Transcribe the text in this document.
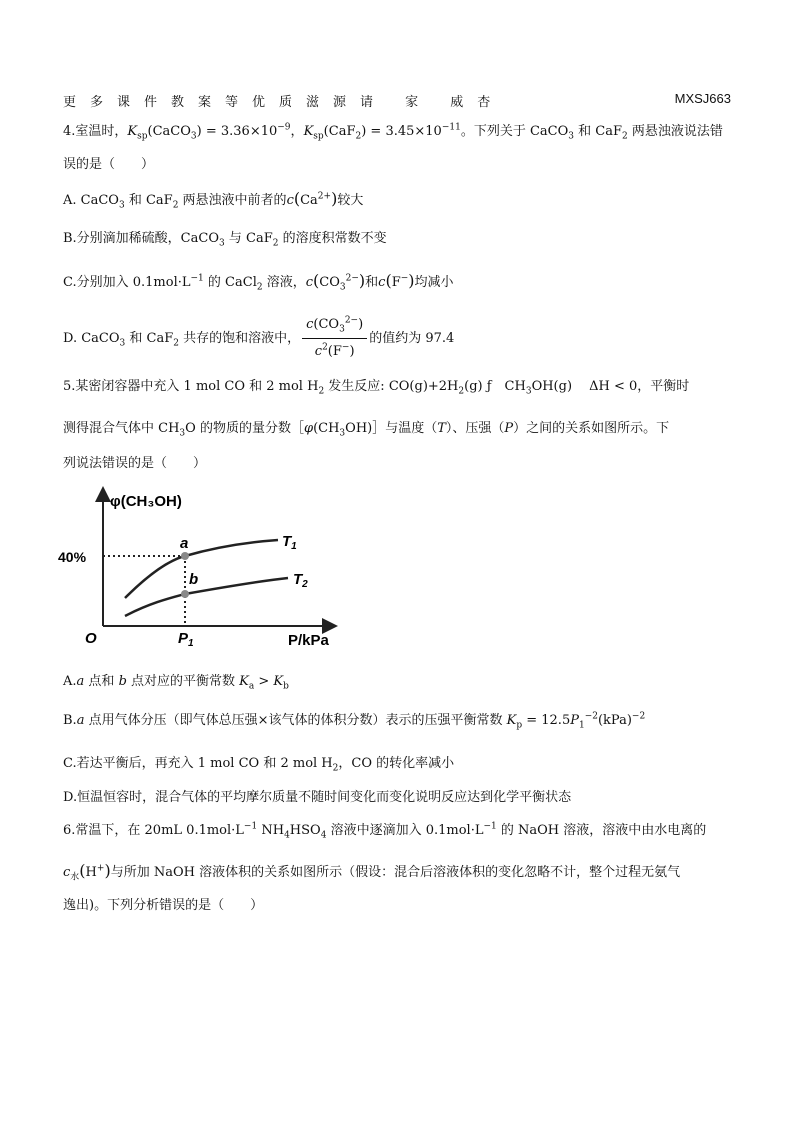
更多课件教案等优质滋源请 家 威杏	MXSJ663
4.室温时，$K_{sp}(CaCO_3) = 3.36\times 10^{-9}$，$K_{sp}(CaF_2) = 3.45\times 10^{-11}$。下列关于 CaCO$_3$ 和 CaF$_2$ 两悬浊液说法错
误的是（　　）
A. CaCO$_3$ 和 CaF$_2$ 两悬浊液中前者的$c(Ca^{2+})$较大
B.分别滴加稀硫酸，CaCO$_3$ 与 CaF$_2$ 的溶度积常数不变
C.分别加入 $0.1mol\cdot L^{-1}$ 的 CaCl$_2$ 溶液，$c(CO_3^{2-})$和c(F−)均减小
D. CaCO$_3$ 和 CaF$_2$ 共存的饱和溶液中， $\frac{c(CO_3^{2-})}{c^2(F^-)}$ 的值约为 97.4
5.某密闭容器中充入 1 mol CO 和 2 mol $H_2$ 发生反应: $CO(g)+2H_2(g)$ ƒ　$CH_3OH(g)$　 ΔH < 0，平衡时
测得混合气体中 $CH_3O$ 的物质的量分数$[\varphi(CH_3OH)]$与温度（T）、压强（P）之间的关系如图所示。下
列说法错误的是（　　）
φ(CH₃OH)
40%
O	$P_1$	P/kPa
a
b
$T_1$
$T_2$
A.a 点和 b 点对应的平衡常数 $K_a > K_b$
B.a 点用气体分压（即气体总压强×该气体的体积分数）表示的压强平衡常数 $K_p = 12.5P_1^{-2}(kPa)^{-2}$
C.若达平衡后，再充入 1 mol CO 和 2 mol $H_2$，CO 的转化率减小
D.恒温恒容时，混合气体的平均摩尔质量不随时间变化而变化说明反应达到化学平衡状态
6.常温下，在 20mL $0.1mol\cdot L^{-1}$ $NH_4HSO_4$ 溶液中逐滴加入 $0.1mol\cdot L^{-1}$ 的 NaOH 溶液，溶液中由水电离的
$c_水(H^+)$与所加 NaOH 溶液体积的关系如图所示（假设：混合后溶液体积的变化忽略不计，整个过程无氨气
逸出)。下列分析错误的是（　　）
